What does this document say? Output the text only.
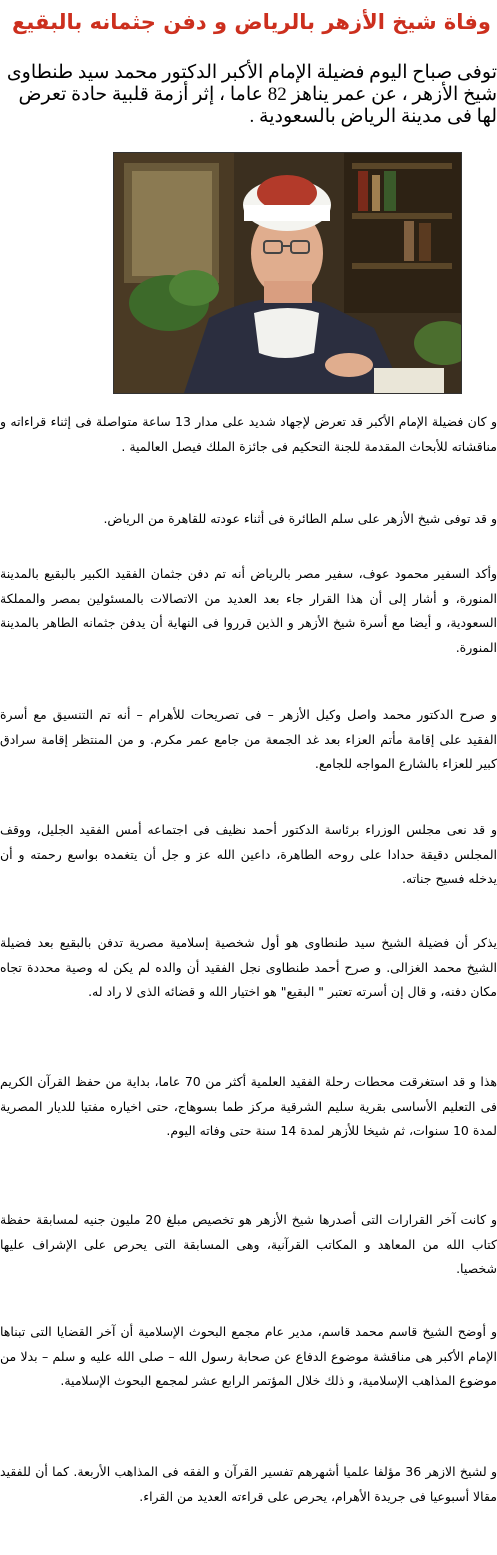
وفاة شيخ الأزهر بالرياض و دفن جثمانه بالبقيع

توفى صباح اليوم فضيلة الإمام الأكبر الدكتور محمد سيد طنطاوى شيخ الأزهر ، عن عمر يناهز 82 عاما ، إثر أزمة قلبية حادة تعرض لها فى مدينة الرياض بالسعودية .

و كان فضيلة الإمام الأكبر قد تعرض لإجهاد شديد على مدار 13 ساعة متواصلة فى إثناء قراءاته و مناقشاته للأبحاث المقدمة للجنة التحكيم فى جائزة الملك فيصل العالمية .

و قد توفى شيخ الأزهر على سلم الطائرة فى أثناء عودته للقاهرة من الرياض.

وأكد السفير محمود عوف، سفير مصر بالرياض أنه تم دفن جثمان الفقيد الكبير بالبقيع بالمدينة المنورة، و أشار إلى أن هذا القرار جاء بعد العديد من الاتصالات بالمسئولين بمصر والمملكة السعودية، و أيضا مع أسرة شيخ الأزهر و الذين قرروا فى النهاية أن يدفن جثمانه الطاهر بالمدينة المنورة.

و صرح الدكتور محمد واصل وكيل الأزهر – فى تصريحات للأهرام – أنه تم التنسيق مع أسرة الفقيد على إقامة مأتم العزاء بعد غد الجمعة من جامع عمر مكرم. و من المنتظر إقامة سرادق كبير للعزاء بالشارع المواجه للجامع.

و قد نعى مجلس الوزراء برئاسة الدكتور أحمد نظيف فى اجتماعه أمس الفقيد الجليل، ووقف المجلس دقيقة حدادا على روحه الطاهرة، داعين الله عز و جل أن يتغمده بواسع رحمته و أن يدخله فسيح جناته.

يذكر أن فضيلة الشيخ سيد طنطاوى هو أول شخصية إسلامية مصرية تدفن بالبقيع بعد فضيلة الشيخ محمد الغزالى. و صرح أحمد طنطاوى نجل الفقيد أن والده لم يكن له وصية محددة تجاه مكان دفنه، و قال إن أسرته تعتبر " البقيع" هو اختيار الله و قضائه الذى لا راد له.

هذا و قد استغرقت محطات رحلة الفقيد العلمية أكثر من 70 عاما، بداية من حفظ القرآن الكريم فى التعليم الأساسى بقرية سليم الشرقية مركز طما بسوهاج، حتى اخياره مفتيا للديار المصرية لمدة 10 سنوات، ثم شيخا للأزهر لمدة 14 سنة حتى وفاته اليوم.

و كانت آخر القرارات التى أصدرها شيخ الأزهر هو تخصيص مبلغ 20 مليون جنيه لمسابقة حفظة كتاب الله من المعاهد و المكاتب القرآنية، وهى المسابقة التى يحرص على الإشراف عليها شخصيا.

و أوضح الشيخ قاسم محمد قاسم، مدير عام مجمع البحوث الإسلامية أن آخر القضايا التى تبناها الإمام الأكبر هى مناقشة موضوع الدفاع عن صحابة رسول الله – صلى الله عليه و سلم – بدلا من موضوع المذاهب الإسلامية، و ذلك خلال المؤتمر الرابع عشر لمجمع البحوث الإسلامية.

و لشيخ الازهر 36 مؤلفا علميا أشهرهم تفسير القرآن و الفقه فى المذاهب الأربعة. كما أن للفقيد مقالا أسبوعيا فى جريدة الأهرام، يحرص على قراءته العديد من القراء.
